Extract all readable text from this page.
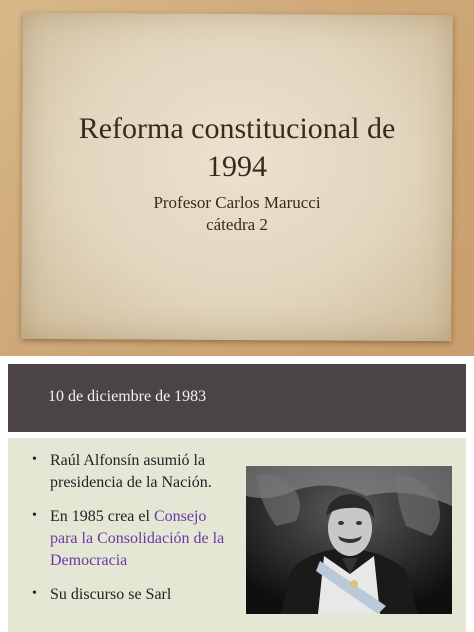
Reforma constitucional de
1994
Profesor Carlos Marucci
cátedra 2
10 de diciembre de 1983
• Raúl Alfonsín asumió la presidencia de la Nación.
• En 1985 crea el Consejo para la Consolidación de la Democracia
• Su discurso se Sarl
